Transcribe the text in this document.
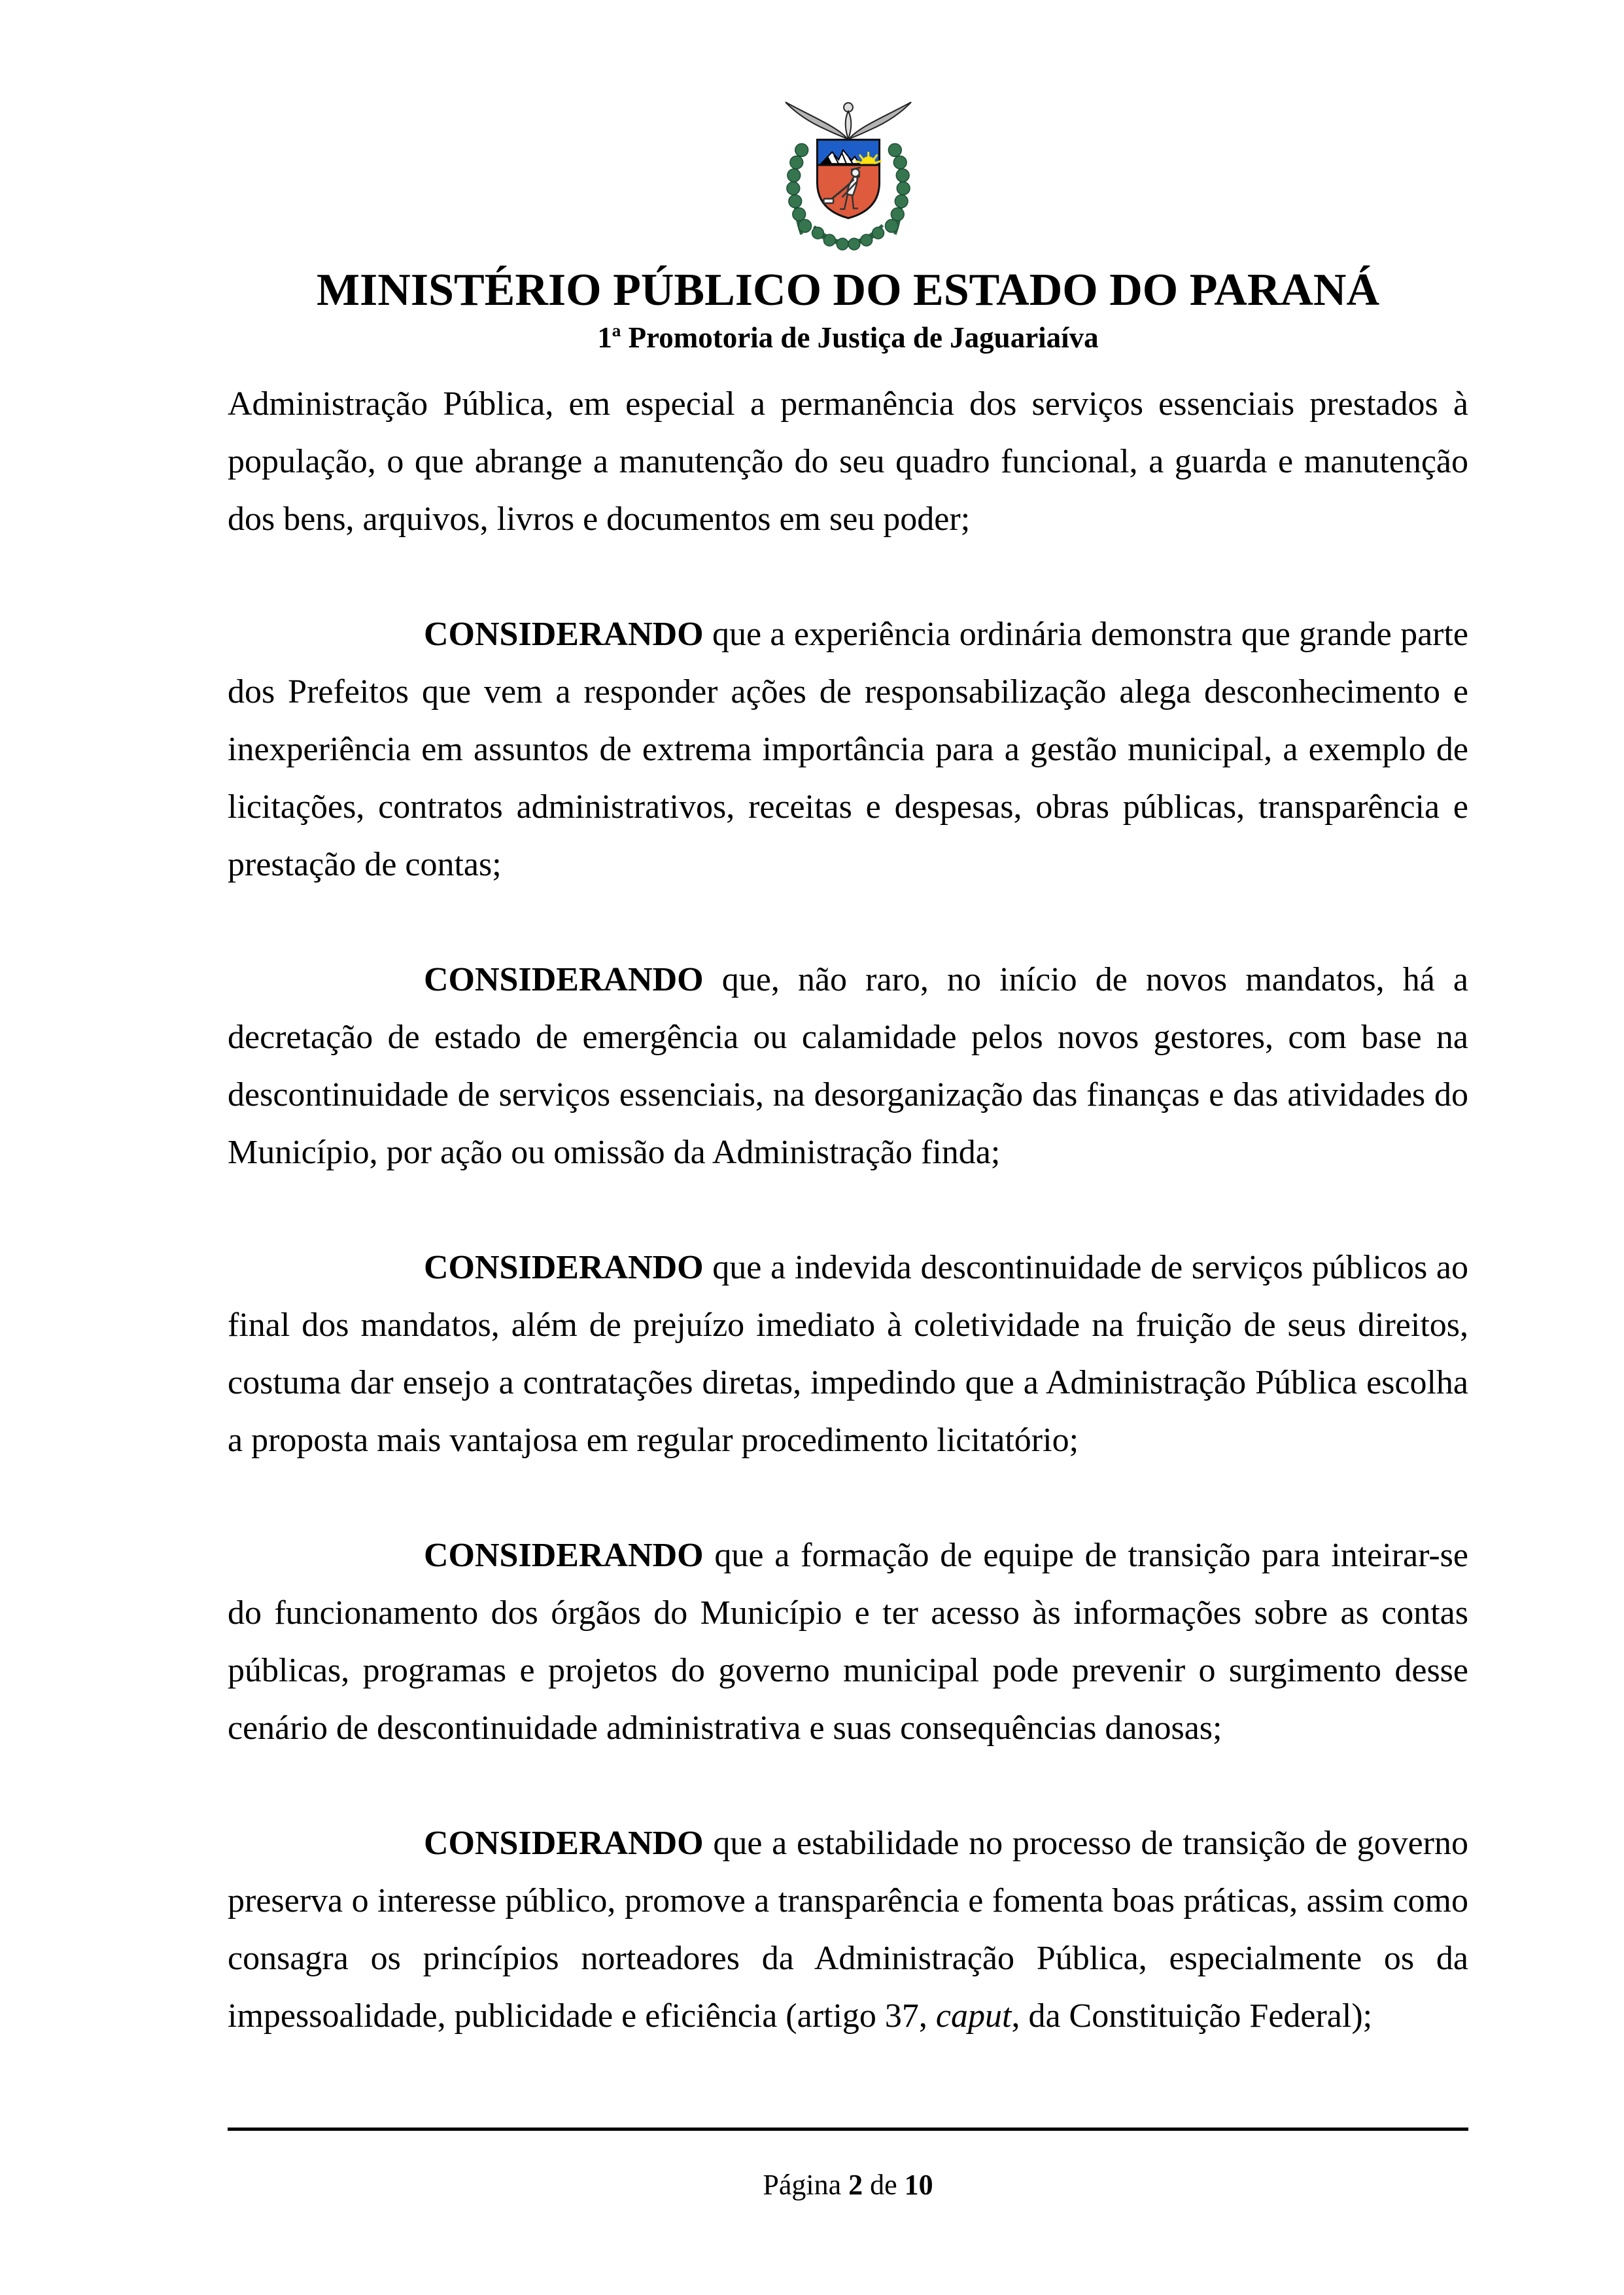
MINISTÉRIO PÚBLICO DO ESTADO DO PARANÁ
1ª Promotoria de Justiça de Jaguariaíva

Administração Pública, em especial a permanência dos serviços essenciais prestados à população, o que abrange a manutenção do seu quadro funcional, a guarda e manutenção dos bens, arquivos, livros e documentos em seu poder;

CONSIDERANDO que a experiência ordinária demonstra que grande parte dos Prefeitos que vem a responder ações de responsabilização alega desconhecimento e inexperiência em assuntos de extrema importância para a gestão municipal, a exemplo de licitações, contratos administrativos, receitas e despesas, obras públicas, transparência e prestação de contas;

CONSIDERANDO que, não raro, no início de novos mandatos, há a decretação de estado de emergência ou calamidade pelos novos gestores, com base na descontinuidade de serviços essenciais, na desorganização das finanças e das atividades do Município, por ação ou omissão da Administração finda;

CONSIDERANDO que a indevida descontinuidade de serviços públicos ao final dos mandatos, além de prejuízo imediato à coletividade na fruição de seus direitos, costuma dar ensejo a contratações diretas, impedindo que a Administração Pública escolha a proposta mais vantajosa em regular procedimento licitatório;

CONSIDERANDO que a formação de equipe de transição para inteirar-se do funcionamento dos órgãos do Município e ter acesso às informações sobre as contas públicas, programas e projetos do governo municipal pode prevenir o surgimento desse cenário de descontinuidade administrativa e suas consequências danosas;

CONSIDERANDO que a estabilidade no processo de transição de governo preserva o interesse público, promove a transparência e fomenta boas práticas, assim como consagra os princípios norteadores da Administração Pública, especialmente os da impessoalidade, publicidade e eficiência (artigo 37, caput, da Constituição Federal);

Página 2 de 10
